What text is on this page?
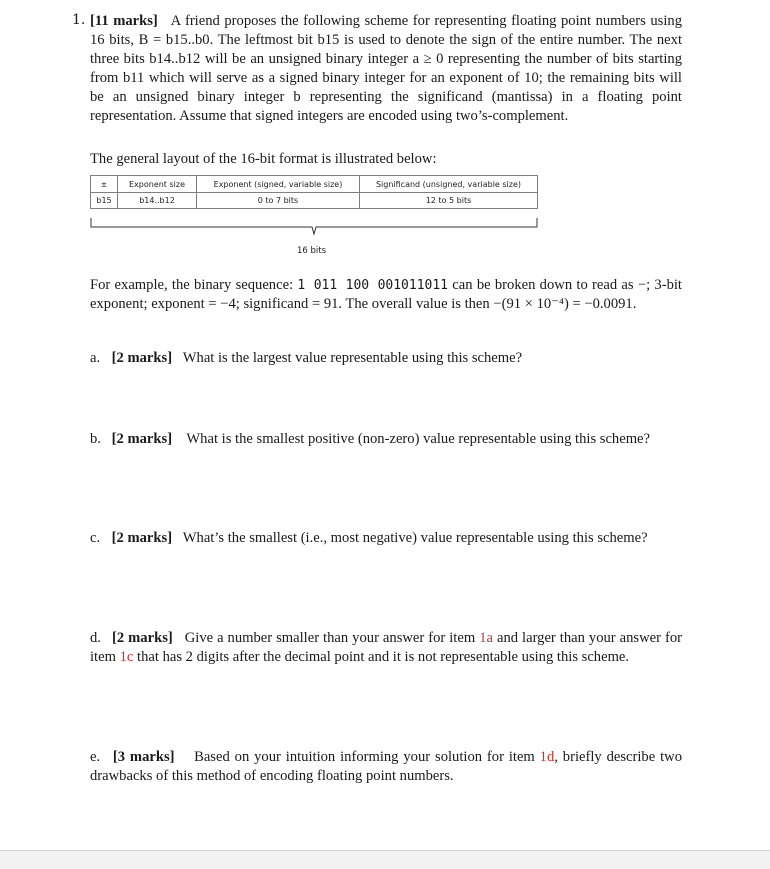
1. [11 marks] A friend proposes the following scheme for representing floating point numbers using 16 bits, B = b15..b0. The leftmost bit b15 is used to denote the sign of the entire number. The next three bits b14..b12 will be an unsigned binary integer a ≥ 0 representing the number of bits starting from b11 which will serve as a signed binary integer for an exponent of 10; the remaining bits will be an unsigned binary integer b representing the significand (mantissa) in a floating point representation. Assume that signed integers are encoded using two’s-complement.
The general layout of the 16-bit format is illustrated below:
±	Exponent size	Exponent (signed, variable size)	Significand (unsigned, variable size)
b15	b14..b12	0 to 7 bits	12 to 5 bits
16 bits
For example, the binary sequence: 1 011 100 001011011 can be broken down to read as −; 3-bit exponent; exponent = −4; significand = 91. The overall value is then −(91 × 10⁻⁴) = −0.0091.
a. [2 marks] What is the largest value representable using this scheme?
b. [2 marks] What is the smallest positive (non-zero) value representable using this scheme?
c. [2 marks] What’s the smallest (i.e., most negative) value representable using this scheme?
d. [2 marks] Give a number smaller than your answer for item 1a and larger than your answer for item 1c that has 2 digits after the decimal point and it is not representable using this scheme.
e. [3 marks] Based on your intuition informing your solution for item 1d, briefly describe two drawbacks of this method of encoding floating point numbers.
